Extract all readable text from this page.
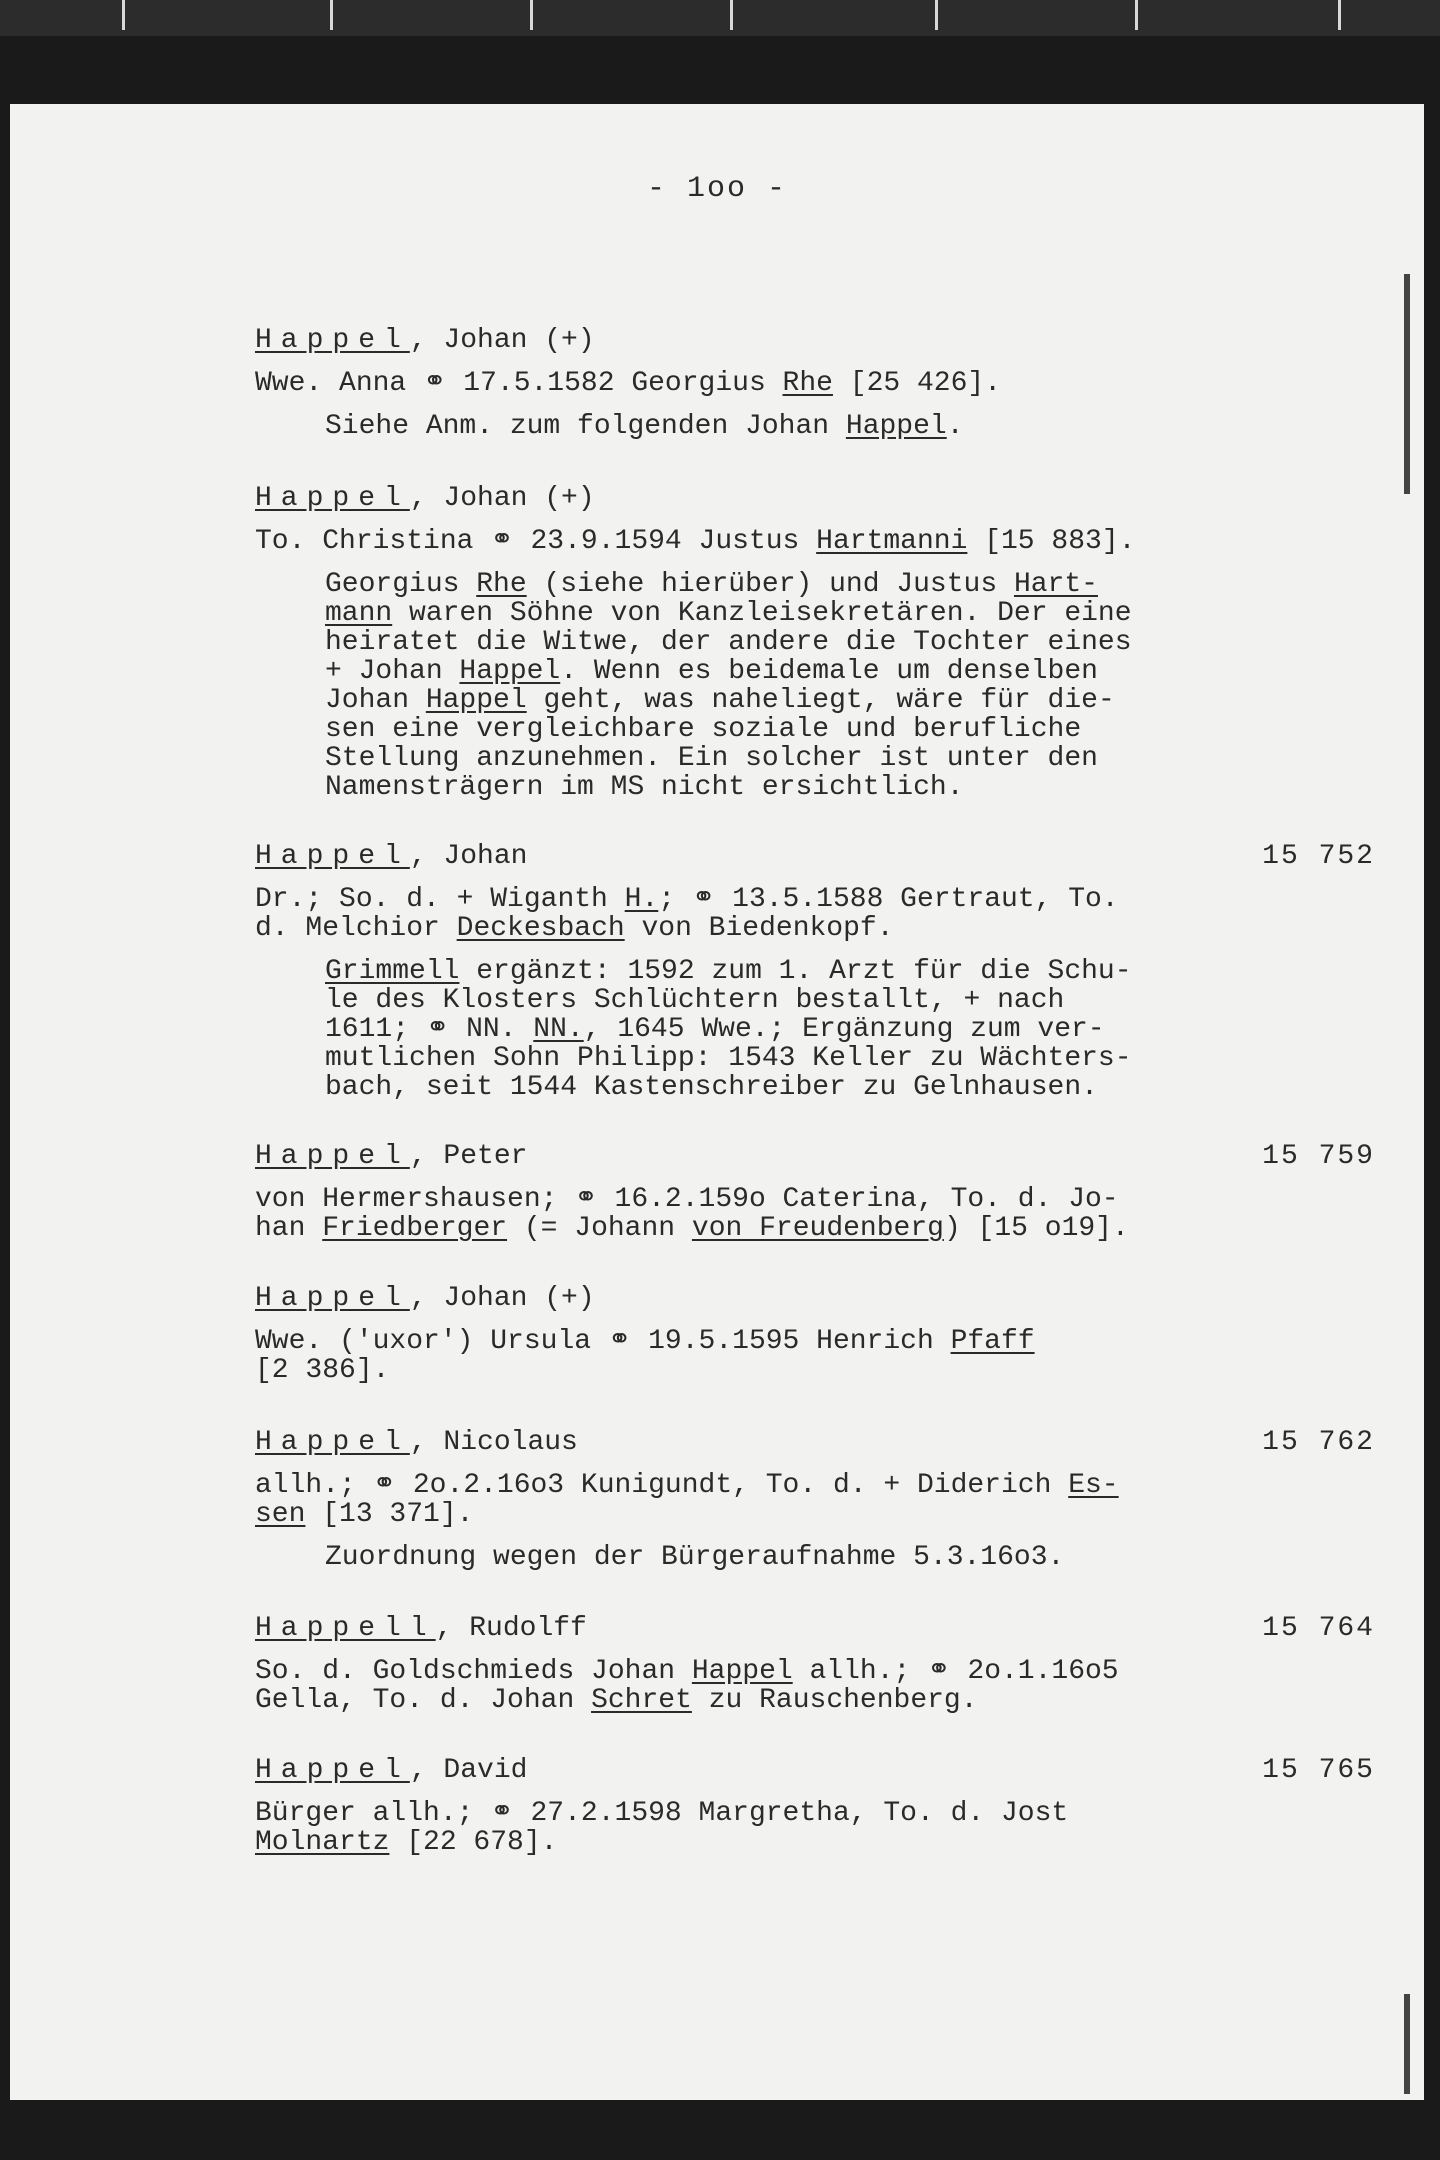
- 1oo -
Happel, Johan (+)
Wwe. Anna ⚭ 17.5.1582 Georgius Rhe [25 426].
Siehe Anm. zum folgenden Johan Happel.
Happel, Johan (+)
To. Christina ⚭ 23.9.1594 Justus Hartmanni [15 883].
Georgius Rhe (siehe hierüber) und Justus Hart-
mann waren Söhne von Kanzleisekretären. Der eine
heiratet die Witwe, der andere die Tochter eines
+ Johan Happel. Wenn es beidemale um denselben
Johan Happel geht, was naheliegt, wäre für die-
sen eine vergleichbare soziale und berufliche
Stellung anzunehmen. Ein solcher ist unter den
Namensträgern im MS nicht ersichtlich.
Happel, Johan	15 752
Dr.; So. d. + Wiganth H.; ⚭ 13.5.1588 Gertraut, To.
d. Melchior Deckesbach von Biedenkopf.
Grimmell ergänzt: 1592 zum 1. Arzt für die Schu-
le des Klosters Schlüchtern bestallt, + nach
1611; ⚭ NN. NN., 1645 Wwe.; Ergänzung zum ver-
mutlichen Sohn Philipp: 1543 Keller zu Wächters-
bach, seit 1544 Kastenschreiber zu Gelnhausen.
Happel, Peter	15 759
von Hermershausen; ⚭ 16.2.159o Caterina, To. d. Jo-
han Friedberger (= Johann von Freudenberg) [15 o19].
Happel, Johan (+)
Wwe. ('uxor') Ursula ⚭ 19.5.1595 Henrich Pfaff
[2 386].
Happel, Nicolaus	15 762
allh.; ⚭ 2o.2.16o3 Kunigundt, To. d. + Diderich Es-
sen [13 371].
Zuordnung wegen der Bürgeraufnahme 5.3.16o3.
Happell, Rudolff	15 764
So. d. Goldschmieds Johan Happel allh.; ⚭ 2o.1.16o5
Gella, To. d. Johan Schret zu Rauschenberg.
Happel, David	15 765
Bürger allh.; ⚭ 27.2.1598 Margretha, To. d. Jost
Molnartz [22 678].
